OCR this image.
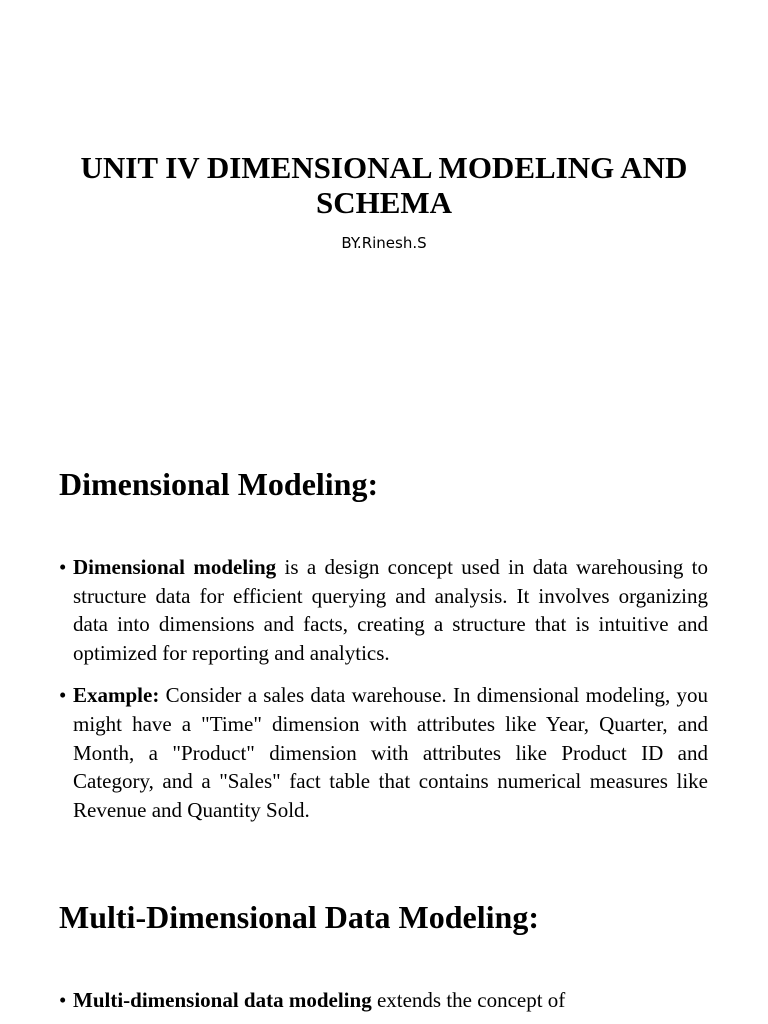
UNIT IV DIMENSIONAL MODELING AND SCHEMA
BY.Rinesh.S
Dimensional Modeling:
• Dimensional modeling is a design concept used in data warehousing to structure data for efficient querying and analysis. It involves organizing data into dimensions and facts, creating a structure that is intuitive and optimized for reporting and analytics.
• Example: Consider a sales data warehouse. In dimensional modeling, you might have a "Time" dimension with attributes like Year, Quarter, and Month, a "Product" dimension with attributes like Product ID and Category, and a "Sales" fact table that contains numerical measures like Revenue and Quantity Sold.
Multi-Dimensional Data Modeling:
• Multi-dimensional data modeling extends the concept of
